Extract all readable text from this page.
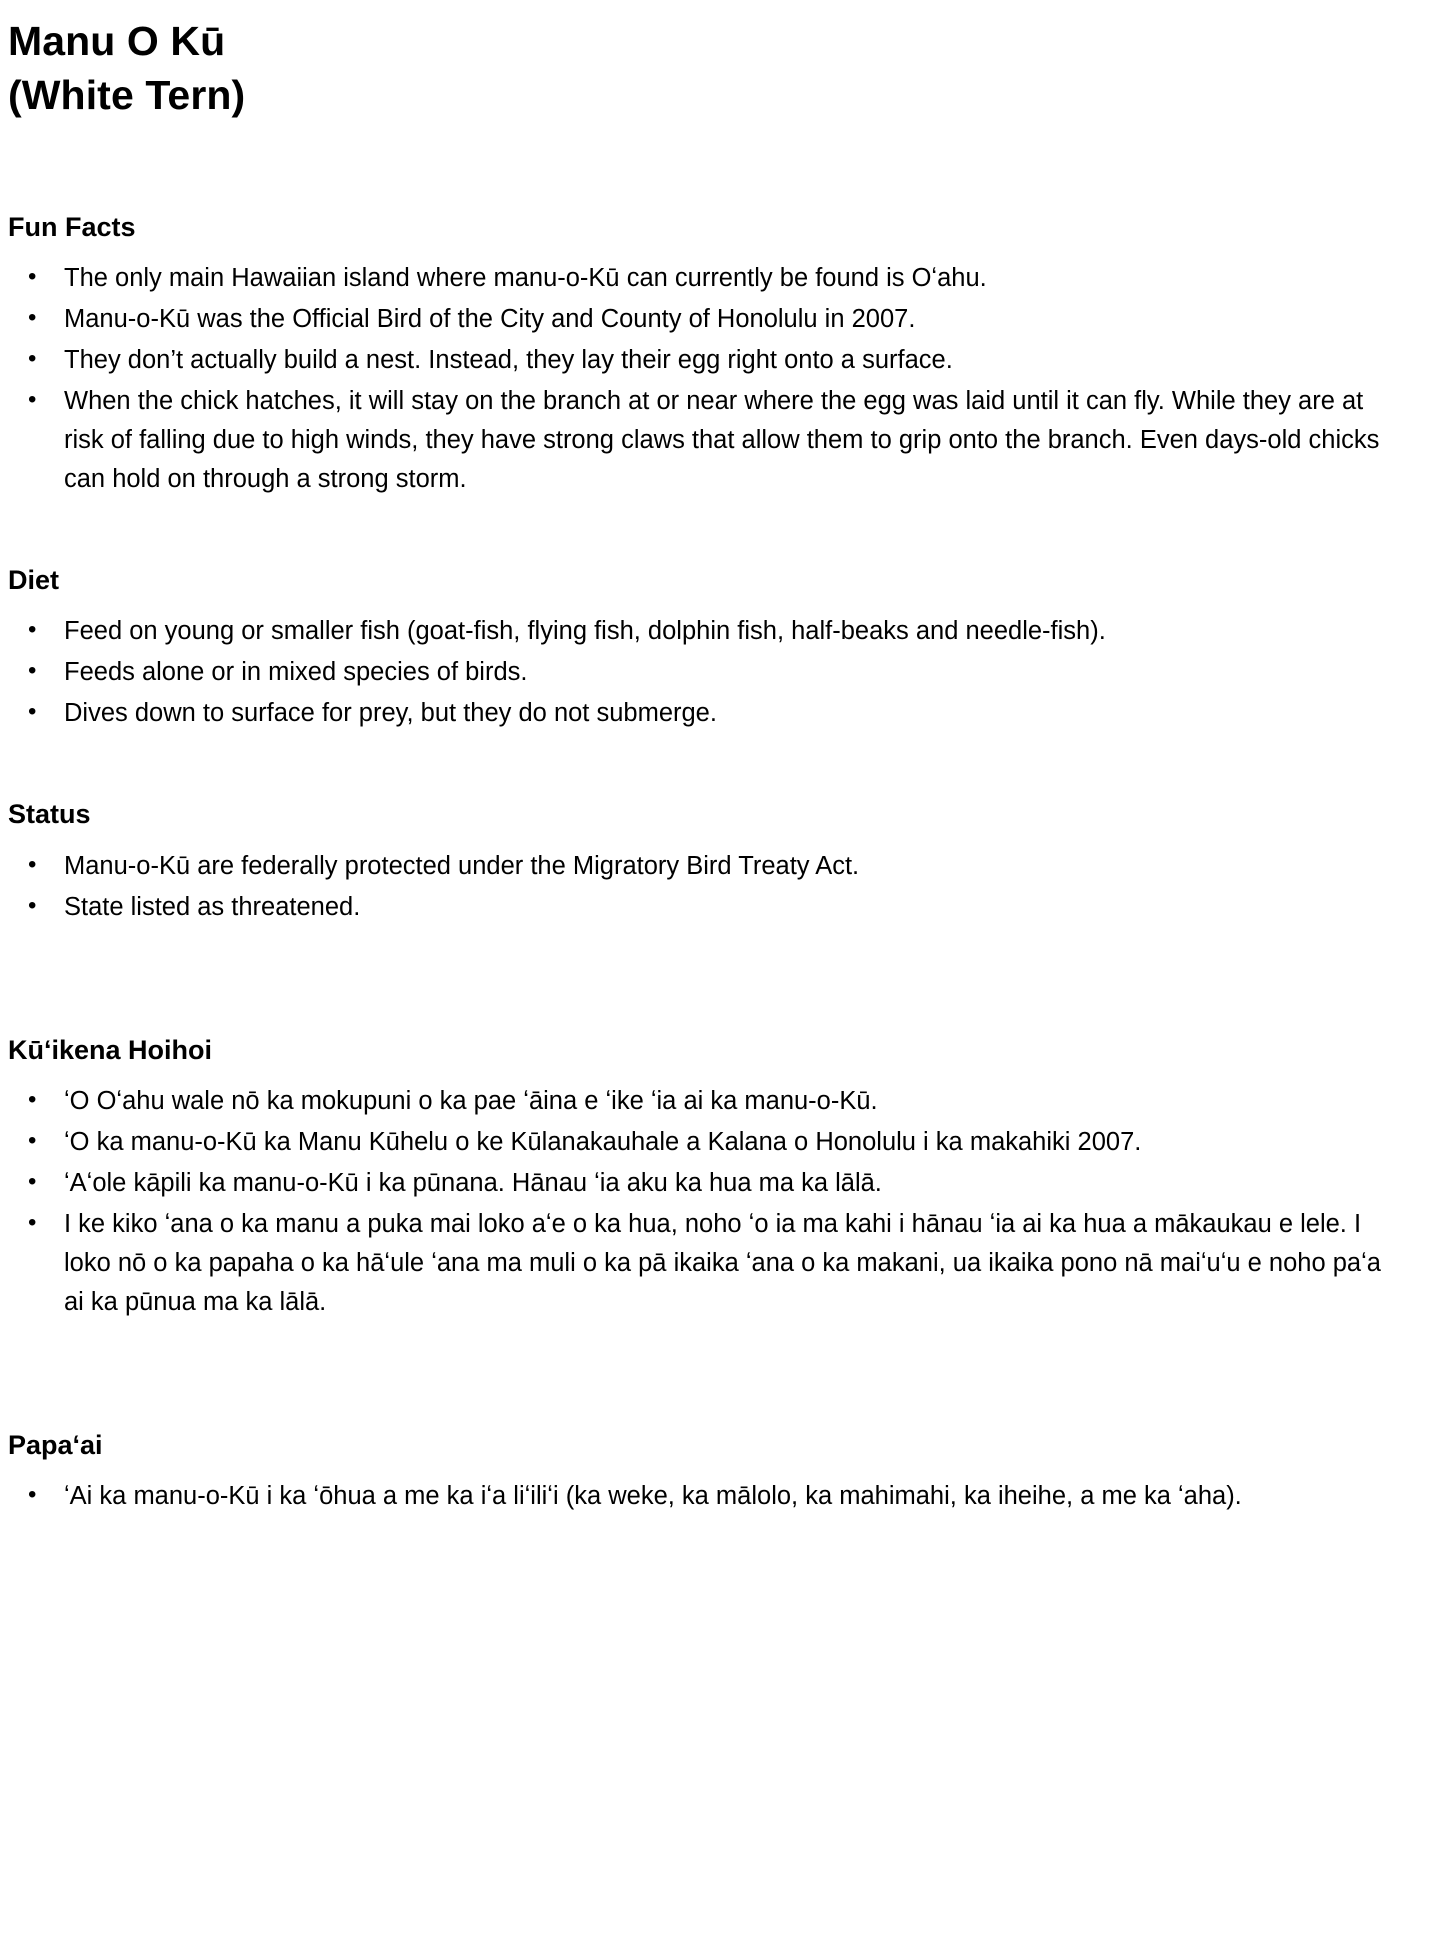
Manu O Kū
(White Tern)
Fun Facts
• The only main Hawaiian island where manu-o-Kū can currently be found is Oʻahu.
• Manu-o-Kū was the Official Bird of the City and County of Honolulu in 2007.
• They don’t actually build a nest. Instead, they lay their egg right onto a surface.
• When the chick hatches, it will stay on the branch at or near where the egg was laid until it can fly. While they are at risk of falling due to high winds, they have strong claws that allow them to grip onto the branch. Even days-old chicks can hold on through a strong storm.
Diet
• Feed on young or smaller fish (goat-fish, flying fish, dolphin fish, half-beaks and needle-fish).
• Feeds alone or in mixed species of birds.
• Dives down to surface for prey, but they do not submerge.
Status
• Manu-o-Kū are federally protected under the Migratory Bird Treaty Act.
• State listed as threatened.
Kūʻikena Hoihoi
• ʻO Oʻahu wale nō ka mokupuni o ka pae ʻāina e ʻike ʻia ai ka manu-o-Kū.
• ʻO ka manu-o-Kū ka Manu Kūhelu o ke Kūlanakauhale a Kalana o Honolulu i ka makahiki 2007.
• ʻAʻole kāpili ka manu-o-Kū i ka pūnana. Hānau ʻia aku ka hua ma ka lālā.
• I ke kiko ʻana o ka manu a puka mai loko aʻe o ka hua, noho ʻo ia ma kahi i hānau ʻia ai ka hua a mākaukau e lele. I loko nō o ka papaha o ka hāʻule ʻana ma muli o ka pā ikaika ʻana o ka makani, ua ikaika pono nā maiʻuʻu e noho paʻa ai ka pūnua ma ka lālā.
Papaʻai
• ʻAi ka manu-o-Kū i ka ʻōhua a me ka iʻa liʻiliʻi (ka weke, ka mālolo, ka mahimahi, ka iheihe, a me ka ʻaha).
